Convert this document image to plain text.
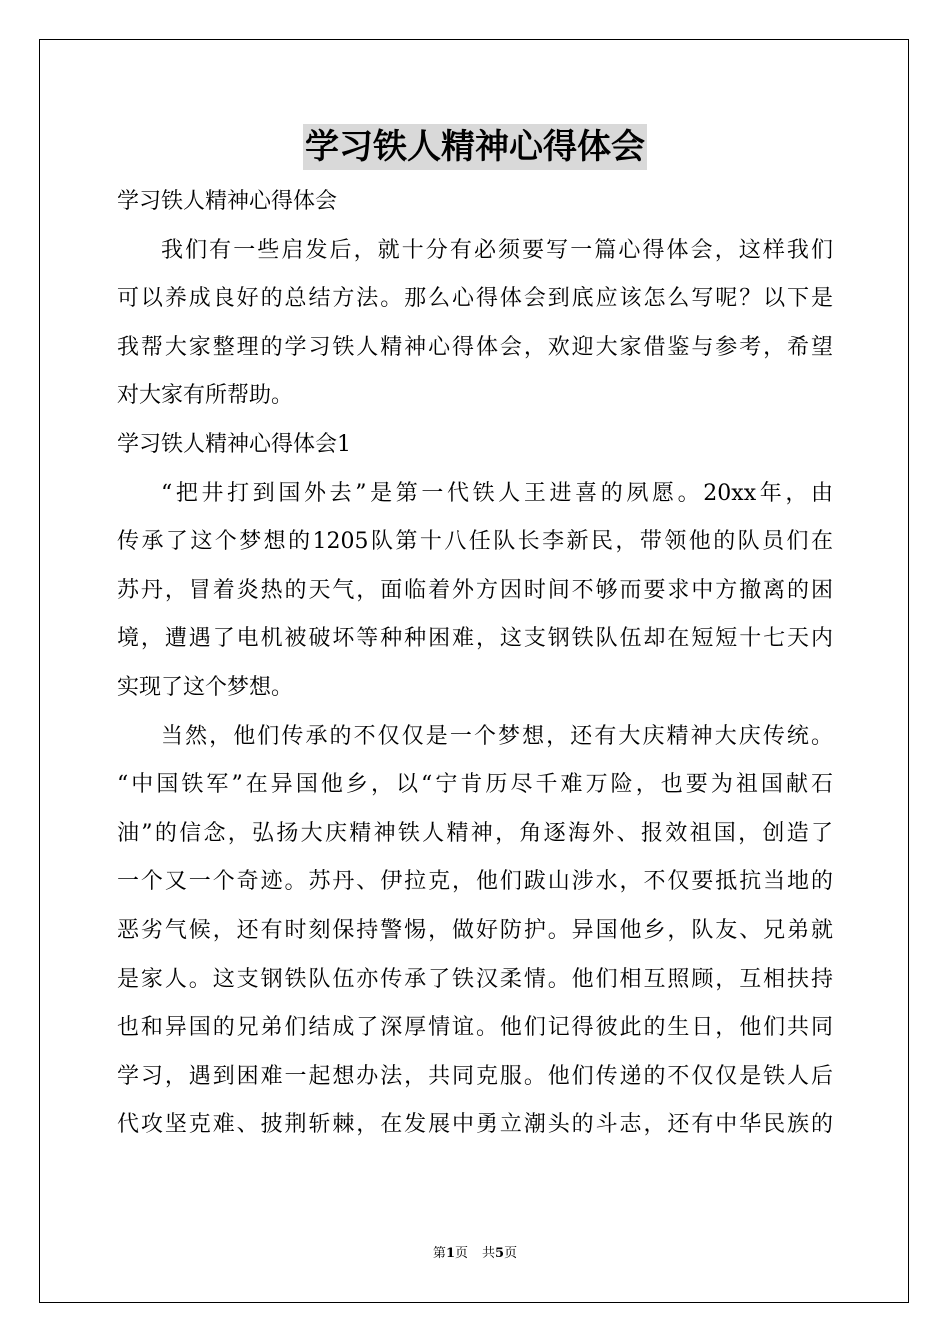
学习铁人精神心得体会
学习铁人精神心得体会
我们有一些启发后，就十分有必须要写一篇心得体会，这样我们
可以养成良好的总结方法。那么心得体会到底应该怎么写呢？以下是
我帮大家整理的学习铁人精神心得体会，欢迎大家借鉴与参考，希望
对大家有所帮助。
学习铁人精神心得体会1
“把井打到国外去”是第一代铁人王进喜的夙愿。20xx年，由
传承了这个梦想的1205队第十八任队长李新民，带领他的队员们在
苏丹，冒着炎热的天气，面临着外方因时间不够而要求中方撤离的困
境，遭遇了电机被破坏等种种困难，这支钢铁队伍却在短短十七天内
实现了这个梦想。
当然，他们传承的不仅仅是一个梦想，还有大庆精神大庆传统。
“中国铁军”在异国他乡，以“宁肯历尽千难万险，也要为祖国献石
油”的信念，弘扬大庆精神铁人精神，角逐海外、报效祖国，创造了
一个又一个奇迹。苏丹、伊拉克，他们跋山涉水，不仅要抵抗当地的
恶劣气候，还有时刻保持警惕，做好防护。异国他乡，队友、兄弟就
是家人。这支钢铁队伍亦传承了铁汉柔情。他们相互照顾，互相扶持
也和异国的兄弟们结成了深厚情谊。他们记得彼此的生日，他们共同
学习，遇到困难一起想办法，共同克服。他们传递的不仅仅是铁人后
代攻坚克难、披荆斩棘，在发展中勇立潮头的斗志，还有中华民族的
第1页 共5页
